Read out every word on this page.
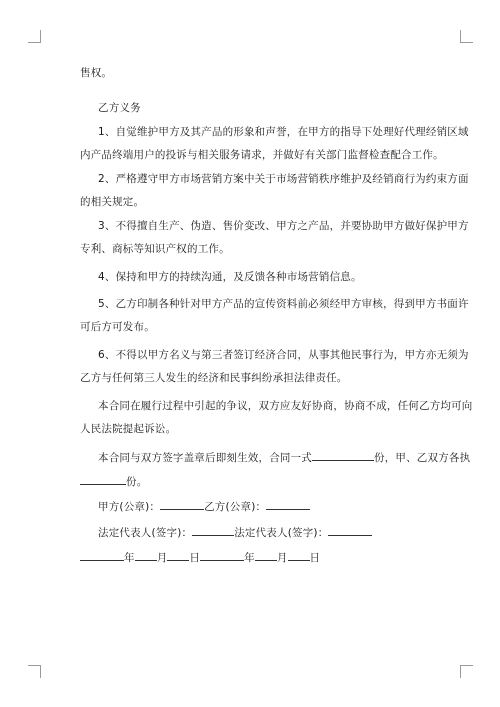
售权。
乙方义务
1、自觉维护甲方及其产品的形象和声誉，在甲方的指导下处理好代理经销区域
内产品终端用户的投诉与相关服务请求，并做好有关部门监督检查配合工作。
2、严格遵守甲方市场营销方案中关于市场营销秩序维护及经销商行为约束方面
的相关规定。
3、不得擅自生产、伪造、售价变改、甲方之产品，并要协助甲方做好保护甲方
专利、商标等知识产权的工作。
4、保持和甲方的持续沟通，及反馈各种市场营销信息。
5、乙方印制各种针对甲方产品的宣传资料前必须经甲方审核，得到甲方书面许
可后方可发布。
6、不得以甲方名义与第三者签订经济合同，从事其他民事行为，甲方亦无须为
乙方与任何第三人发生的经济和民事纠纷承担法律责任。
本合同在履行过程中引起的争议，双方应友好协商，协商不成，任何乙方均可向
人民法院提起诉讼。
本合同与双方签字盖章后即刻生效，合同一式	份，甲、乙双方各执
份。
甲方(公章)：	乙方(公章)：
法定代表人(签字)：	法定代表人(签字)：
年 月 日	年 月 日
